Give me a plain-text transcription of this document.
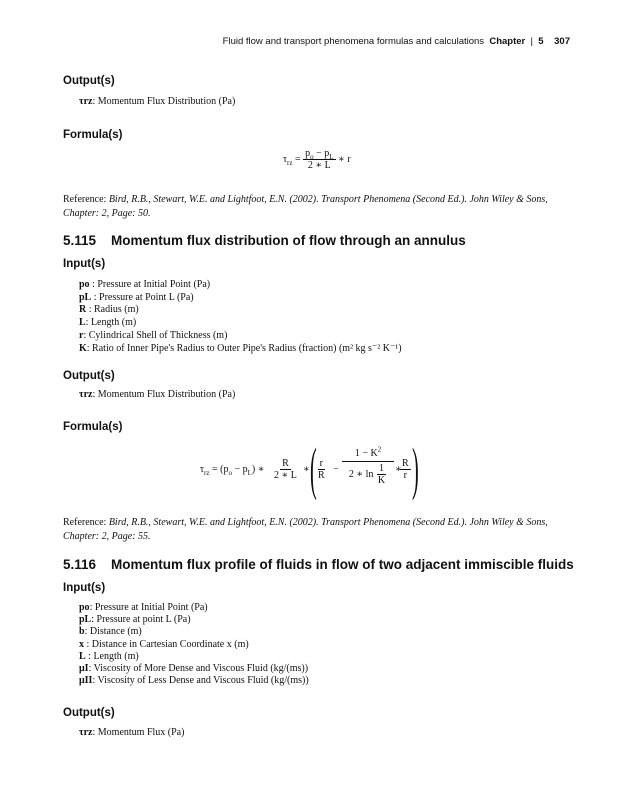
Fluid flow and transport phenomena formulas and calculations Chapter | 5 307
Output(s)
τrz: Momentum Flux Distribution (Pa)
Formula(s)
$\tau_{rz} = \frac{p_o - p_L}{2 ∗ L}$ ∗ r
Reference: Bird, R.B., Stewart, W.E. and Lightfoot, E.N. (2002). Transport Phenomena (Second Ed.). John Wiley & Sons, Chapter: 2, Page: 50.
5.115 Momentum flux distribution of flow through an annulus
Input(s)
po : Pressure at Initial Point (Pa)
pL : Pressure at Point L (Pa)
R : Radius (m)
L: Length (m)
r: Cylindrical Shell of Thickness (m)
K: Ratio of Inner Pipe's Radius to Outer Pipe's Radius (fraction) (m² kg s⁻² K⁻¹)
Output(s)
τrz: Momentum Flux Distribution (Pa)
Formula(s)
$\tau_{rz} = (p_o - p_L)$ ∗ $\frac{R}{2 ∗ L}$ ∗ ( $\frac{r}{R}$ −
$1 - K^2$
2 ∗ $\ln \frac{1}{K}$ ∗
$\frac{R}{r}$ )
Reference: Bird, R.B., Stewart, W.E. and Lightfoot, E.N. (2002). Transport Phenomena (Second Ed.). John Wiley & Sons, Chapter: 2, Page: 55.
5.116 Momentum flux profile of fluids in flow of two adjacent immiscible fluids
Input(s)
po: Pressure at Initial Point (Pa)
pL: Pressure at point L (Pa)
b: Distance (m)
x : Distance in Cartesian Coordinate x (m)
L : Length (m)
μI: Viscosity of More Dense and Viscous Fluid (kg/(ms))
μII: Viscosity of Less Dense and Viscous Fluid (kg/(ms))
Output(s)
τrz: Momentum Flux (Pa)
